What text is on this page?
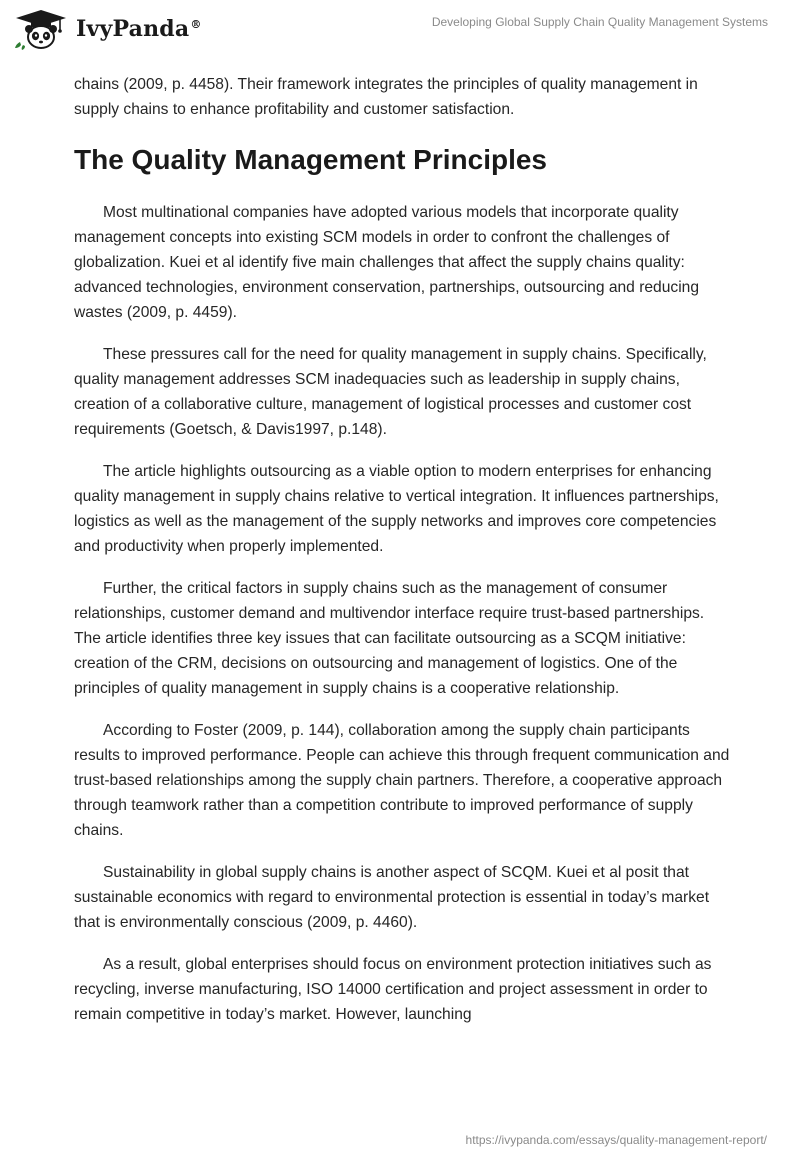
IvyPanda®	Developing Global Supply Chain Quality Management Systems

chains (2009, p. 4458). Their framework integrates the principles of quality management in supply chains to enhance profitability and customer satisfaction.

The Quality Management Principles

Most multinational companies have adopted various models that incorporate quality management concepts into existing SCM models in order to confront the challenges of globalization. Kuei et al identify five main challenges that affect the supply chains quality: advanced technologies, environment conservation, partnerships, outsourcing and reducing wastes (2009, p. 4459).

These pressures call for the need for quality management in supply chains. Specifically, quality management addresses SCM inadequacies such as leadership in supply chains, creation of a collaborative culture, management of logistical processes and customer cost requirements (Goetsch, & Davis1997, p.148).

The article highlights outsourcing as a viable option to modern enterprises for enhancing quality management in supply chains relative to vertical integration. It influences partnerships, logistics as well as the management of the supply networks and improves core competencies and productivity when properly implemented.

Further, the critical factors in supply chains such as the management of consumer relationships, customer demand and multivendor interface require trust-based partnerships. The article identifies three key issues that can facilitate outsourcing as a SCQM initiative: creation of the CRM, decisions on outsourcing and management of logistics. One of the principles of quality management in supply chains is a cooperative relationship.

According to Foster (2009, p. 144), collaboration among the supply chain participants results to improved performance. People can achieve this through frequent communication and trust-based relationships among the supply chain partners. Therefore, a cooperative approach through teamwork rather than a competition contribute to improved performance of supply chains.

Sustainability in global supply chains is another aspect of SCQM. Kuei et al posit that sustainable economics with regard to environmental protection is essential in today’s market that is environmentally conscious (2009, p. 4460).

As a result, global enterprises should focus on environment protection initiatives such as recycling, inverse manufacturing, ISO 14000 certification and project assessment in order to remain competitive in today’s market. However, launching

https://ivypanda.com/essays/quality-management-report/
